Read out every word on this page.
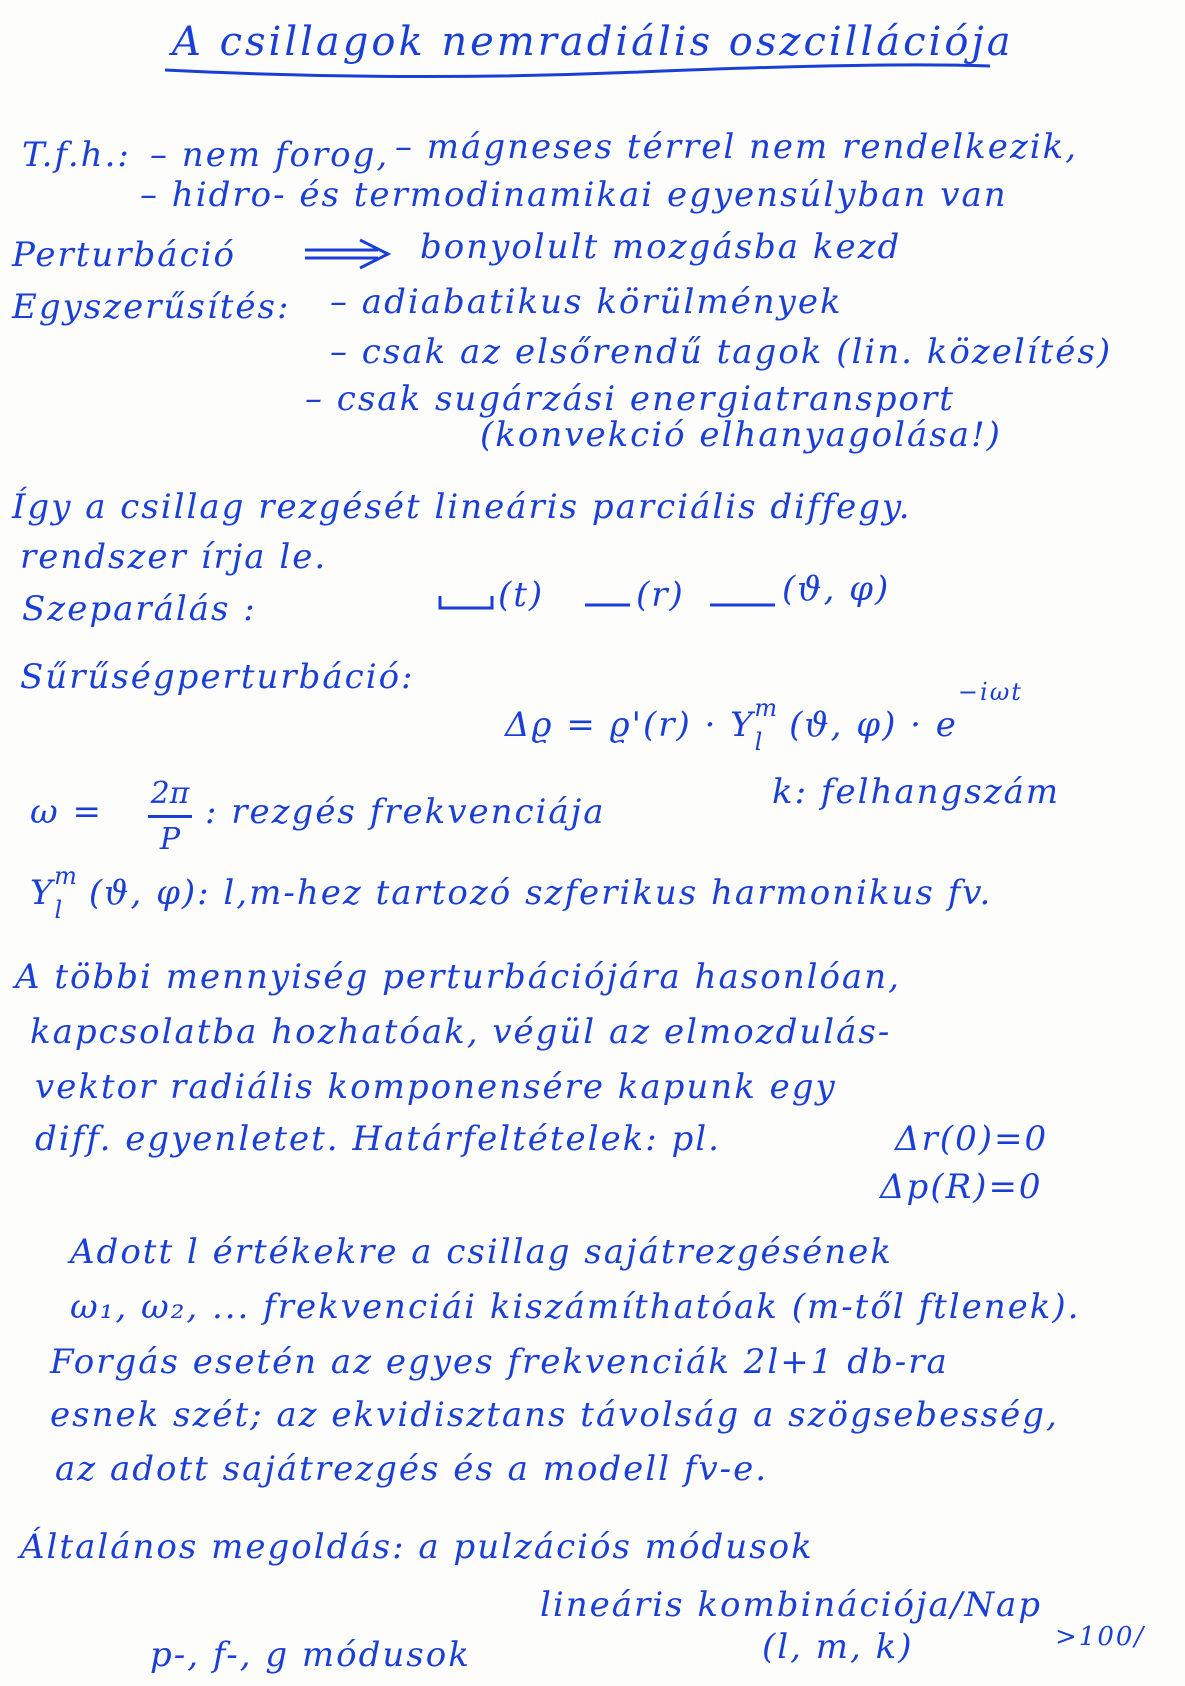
A csillagok nemradiális oszcillációja
T.f.h.: – nem forog, – mágneses térrel nem rendelkezik,
– hidro- és termodinamikai egyensúlyban van
Perturbáció	bonyolult mozgásba kezd
Egyszerűsítés: – adiabatikus körülmények
– csak az elsőrendű tagok (lin. közelítés)
– csak sugárzási energiatransport
(konvekció elhanyagolása!)
Így a csillag rezgését lineáris parciális diffegy.
rendszer írja le.
Szeparálás :	(t)	(r)	(ϑ, φ)
Sűrűségperturbáció:
$\Delta ϱ = ϱ'(r) \cdot Y_l^m$ (ϑ, $\varphi) \cdot e^{-i\omega t}$
ω = 2π
P
: rezgés frekvenciája	k: felhangszám
$Y_l^m$ (ϑ, φ): l,m-hez tartozó szferikus harmonikus fv.
A többi mennyiség perturbációjára hasonlóan,
kapcsolatba hozhatóak, végül az elmozdulás-
vektor radiális komponensére kapunk egy
diff. egyenletet. Határfeltételek: pl.	Δr(0)=0
Δp(R)=0
Adott l értékekre a csillag sajátrezgésének
ω₁, ω₂, ... frekvenciái kiszámíthatóak (m-től ftlenek).
Forgás esetén az egyes frekvenciák 2l+1 db-ra
esnek szét; az ekvidisztans távolság a szögsebesség,
az adott sajátrezgés és a modell fv-e.
Általános megoldás: a pulzációs módusok
lineáris kombinációja/Nap
p-, f-, g módusok	(l, m, k)	>100/
